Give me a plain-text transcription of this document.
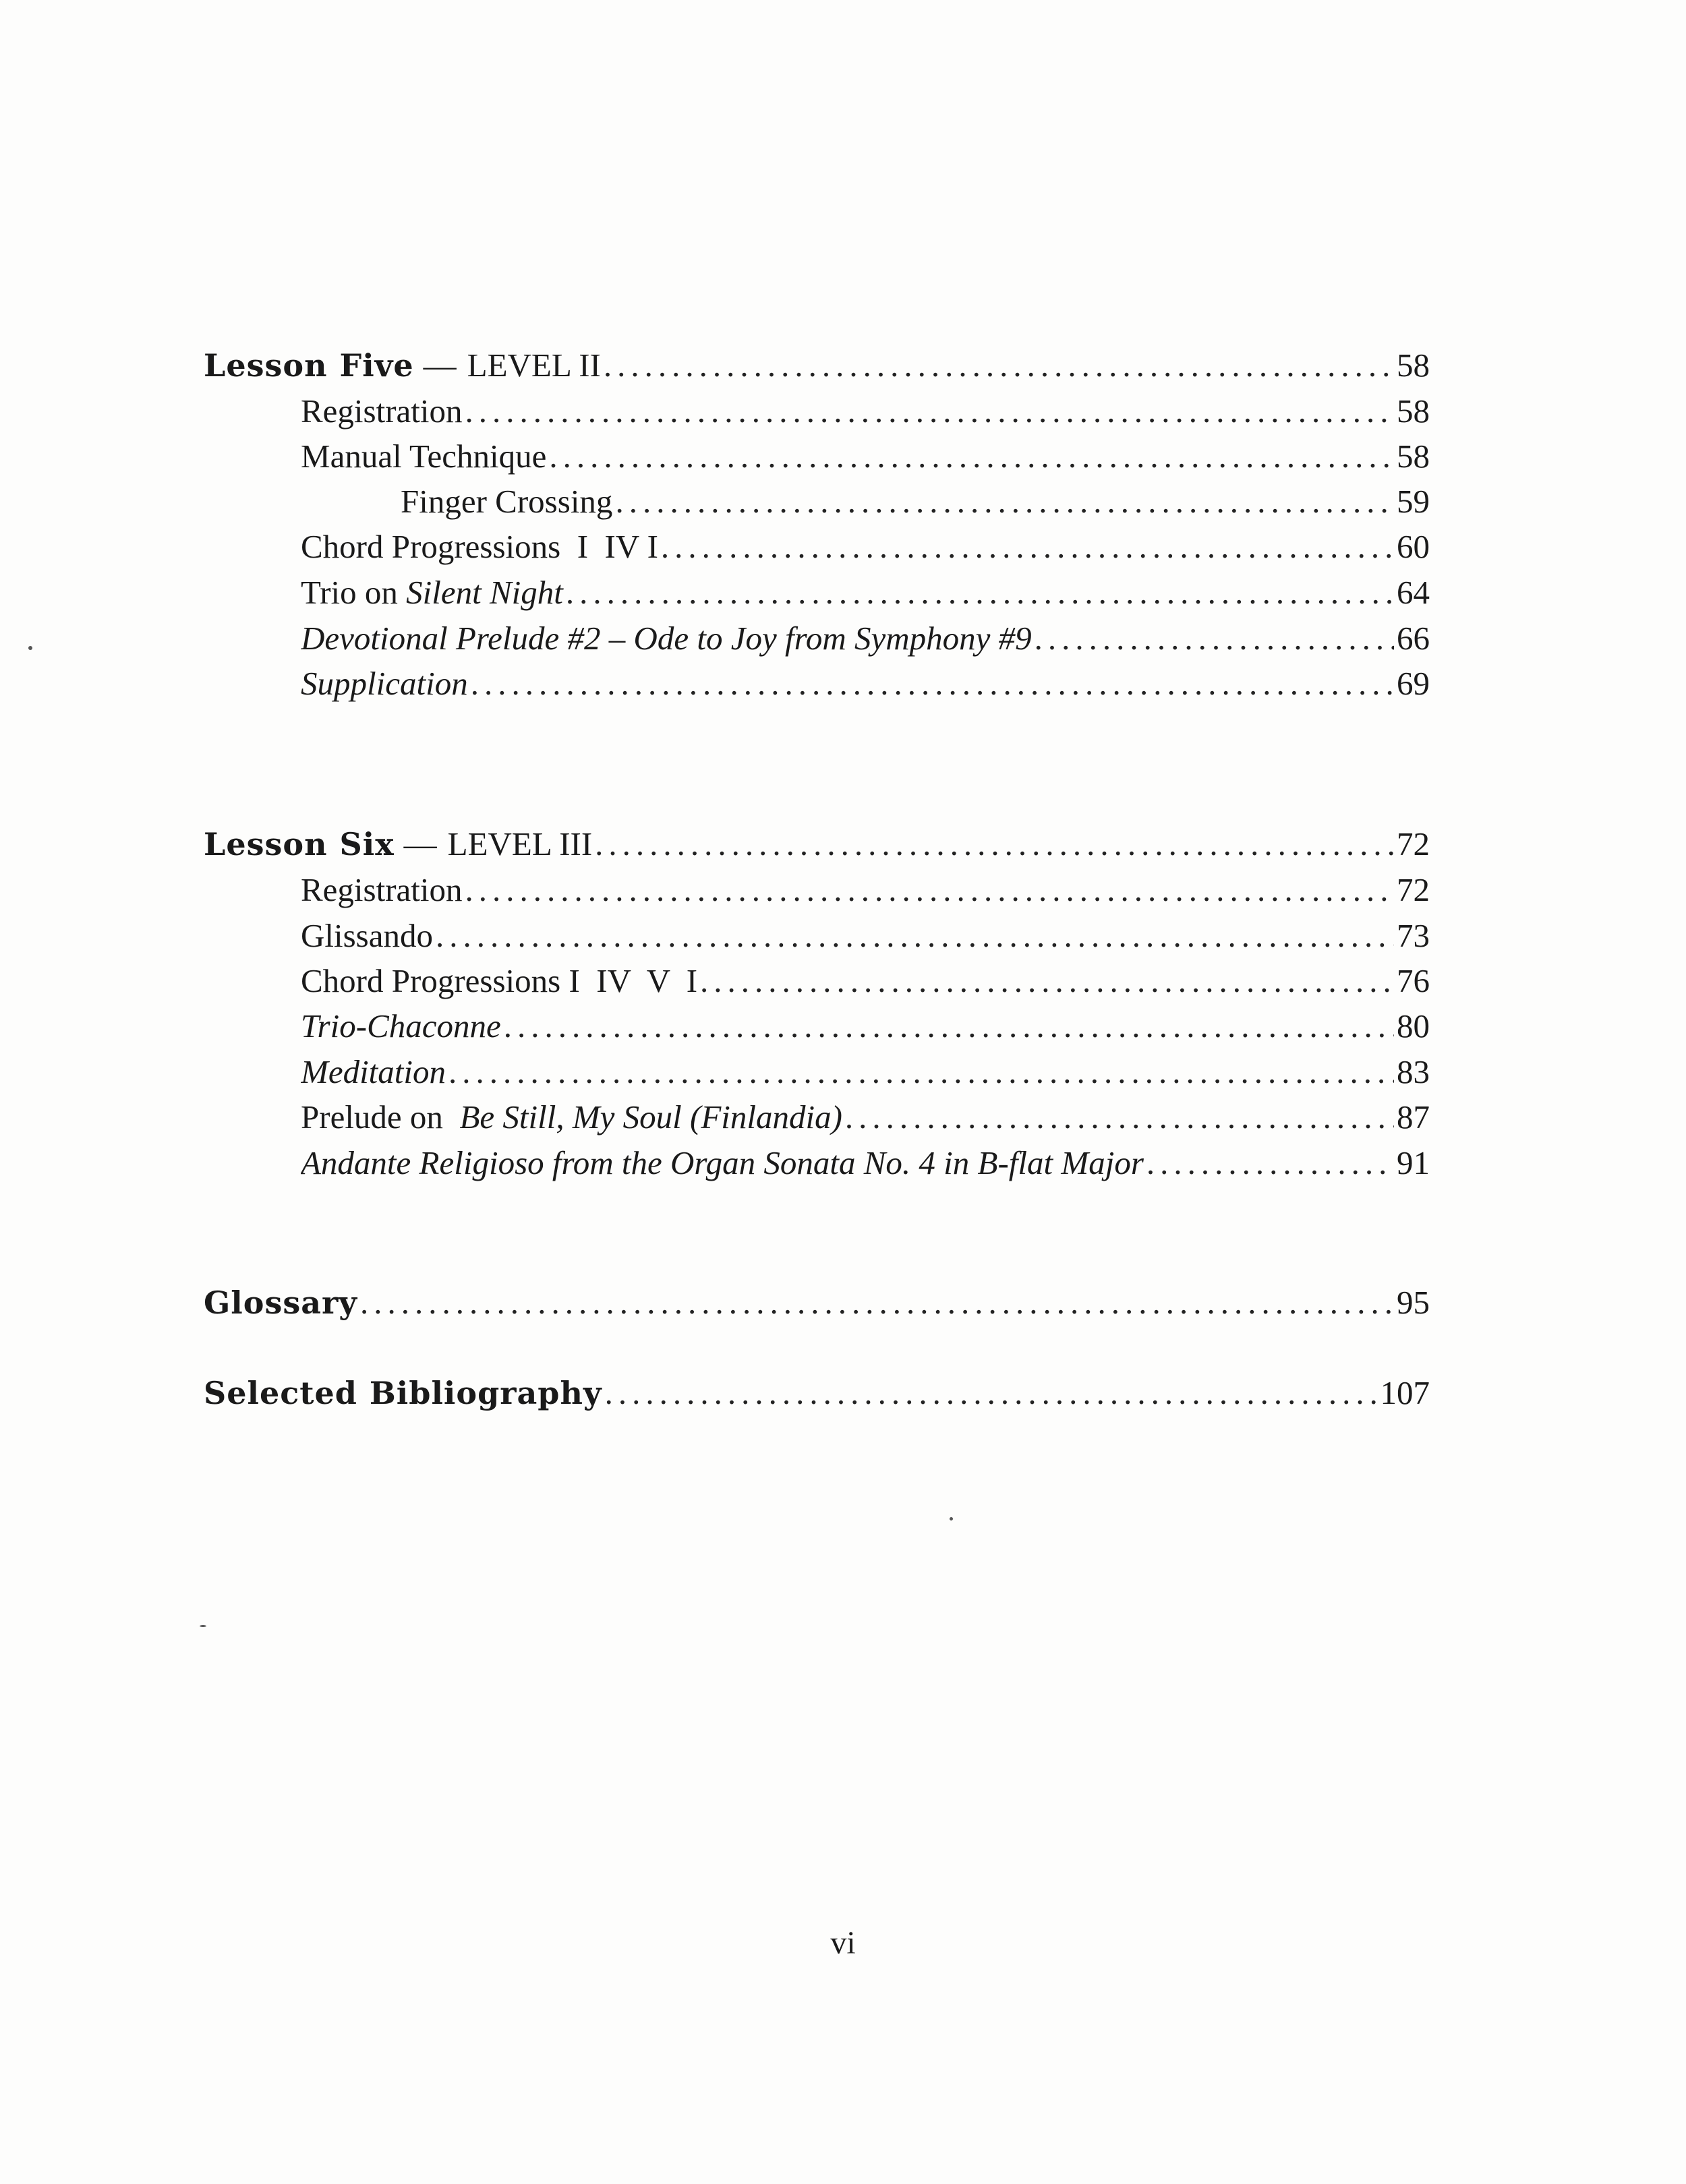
Lesson Five — LEVEL II .....	58
Registration .....	58
Manual Technique .....	58
Finger Crossing .....	59
Chord Progressions  I  IV I .....	60
Trio on Silent Night .....	64
Devotional Prelude #2 – Ode to Joy from Symphony #9 .....	66
Supplication .....	69
Lesson Six — LEVEL III .....	72
Registration .....	72
Glissando .....	73
Chord Progressions I  IV  V  I .....	76
Trio-Chaconne .....	80
Meditation .....	83
Prelude on  Be Still, My Soul (Finlandia) .....	87
Andante Religioso from the Organ Sonata No. 4 in B-flat Major .....	91
Glossary .....	95
Selected Bibliography .....	107
vi
